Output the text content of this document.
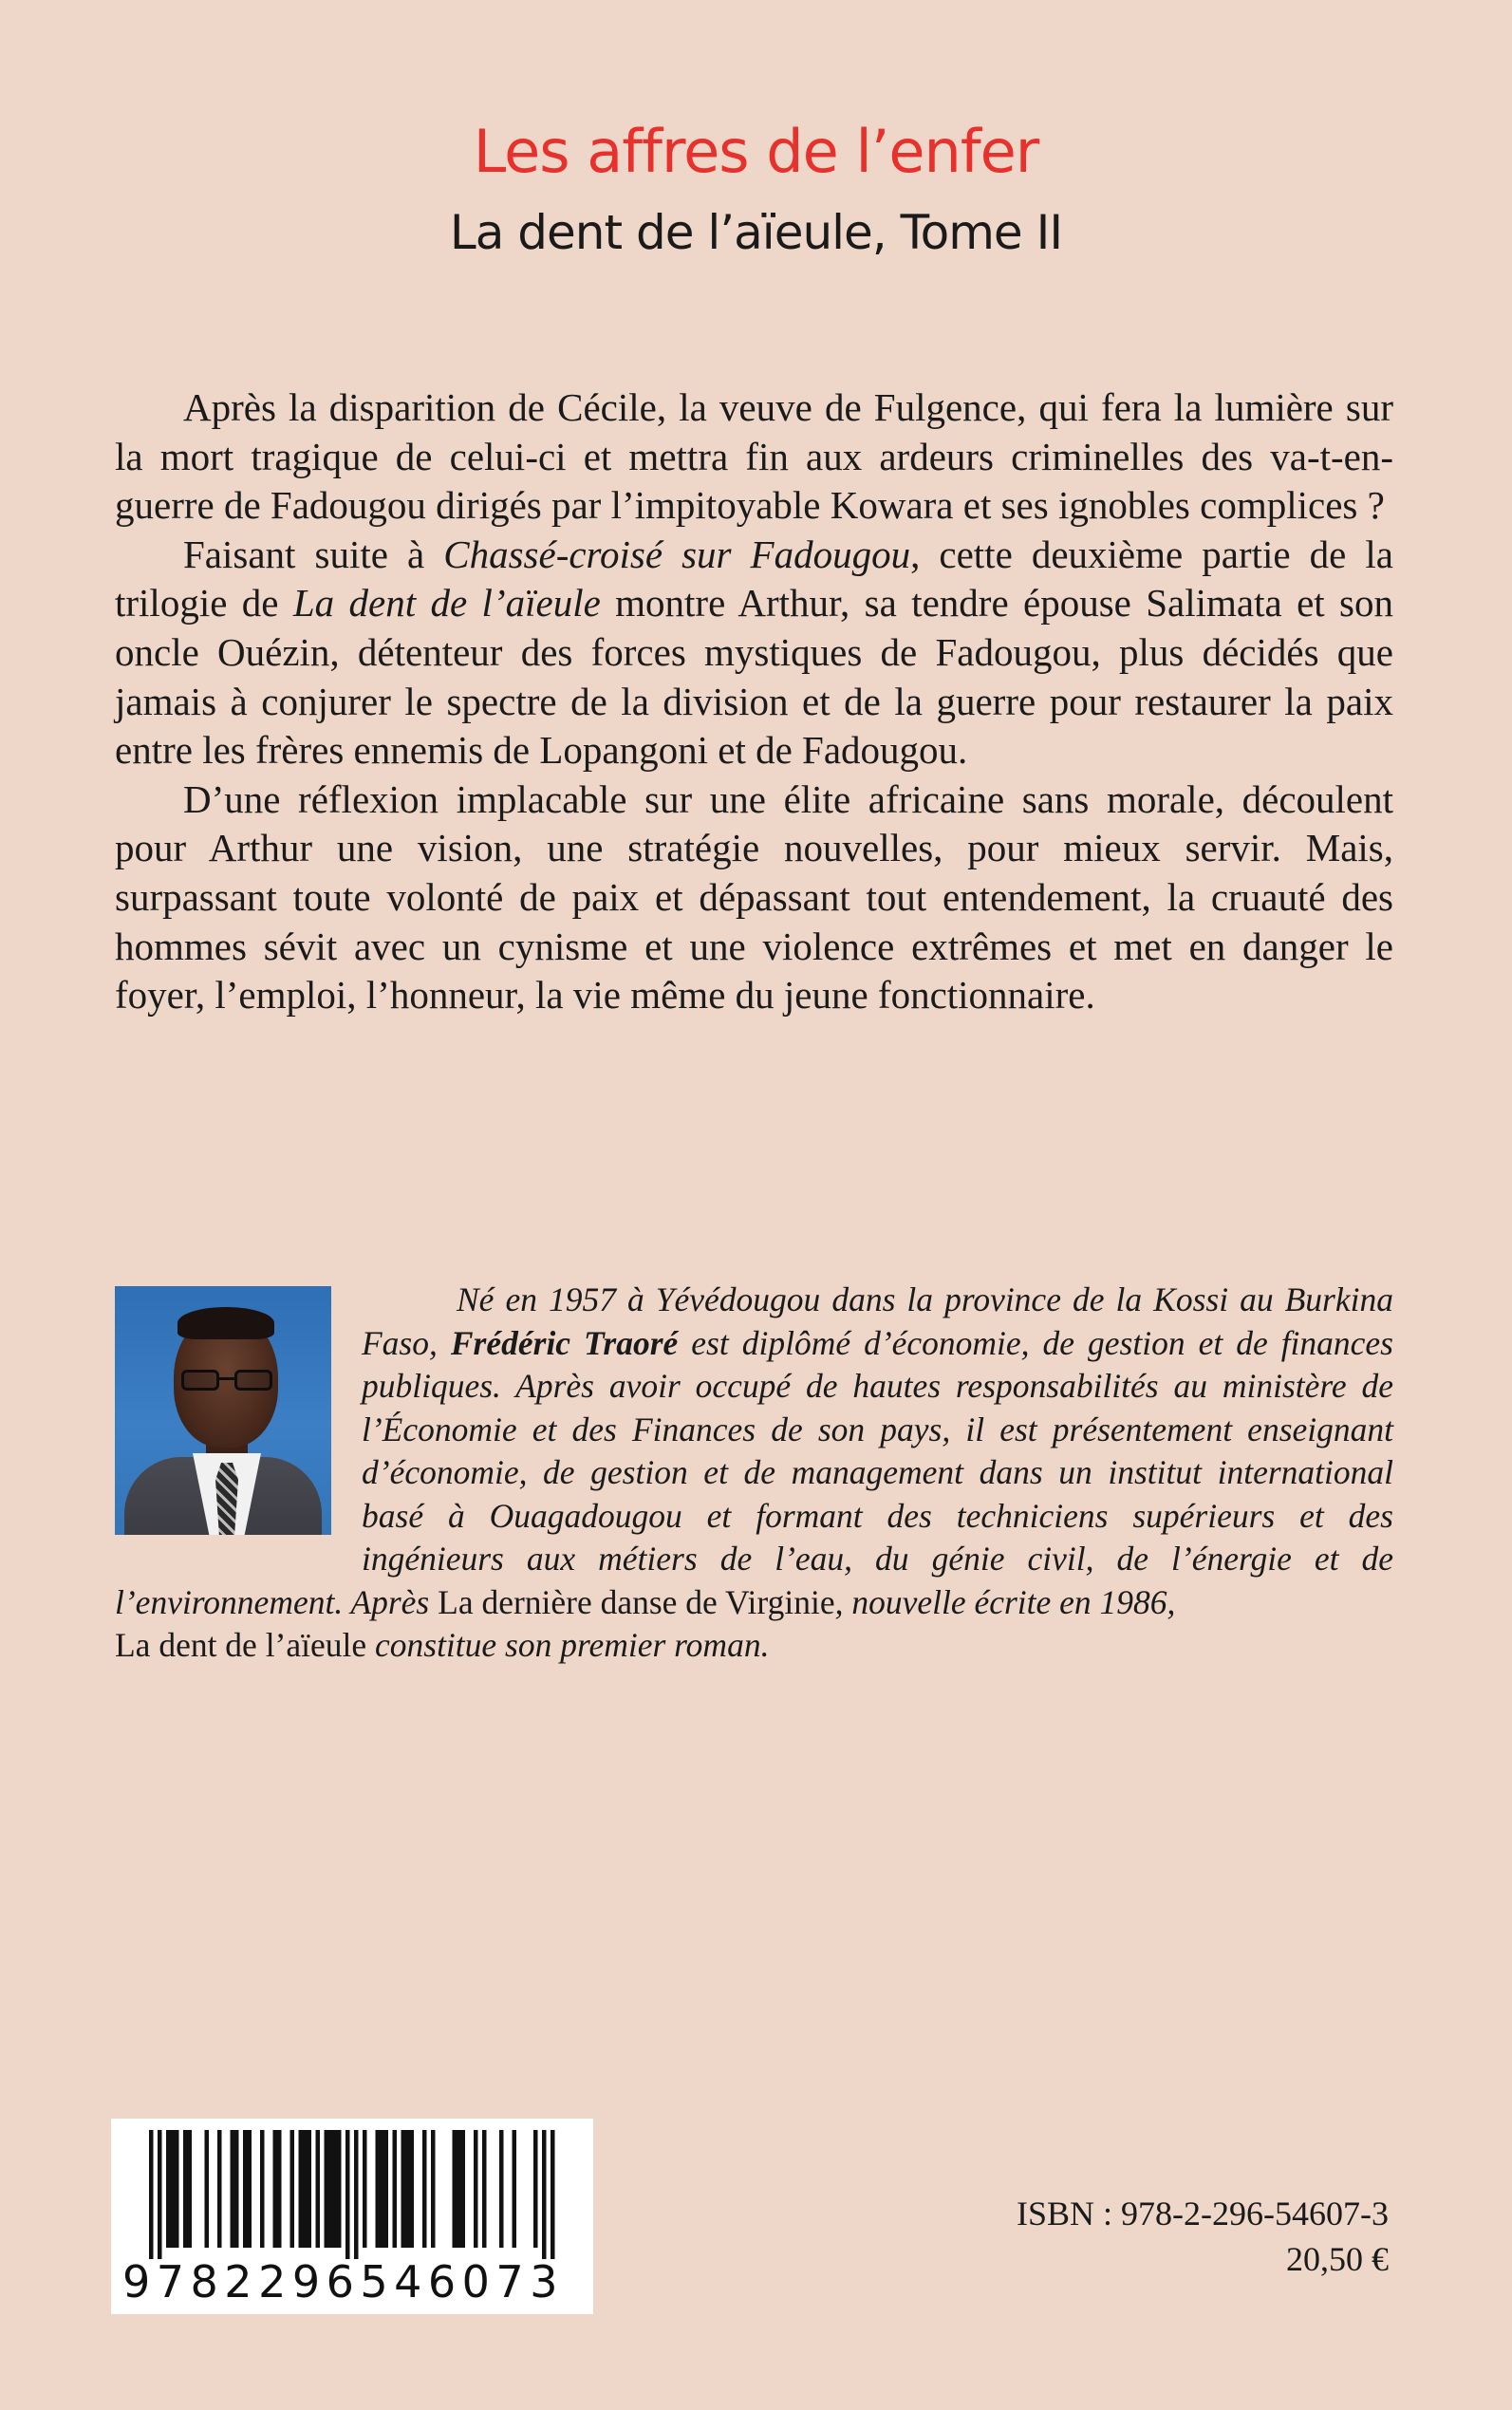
Les affres de l’enfer
La dent de l’aïeule, Tome II

Après la disparition de Cécile, la veuve de Fulgence, qui fera la lumière sur la mort tragique de celui-ci et mettra fin aux ardeurs criminelles des va-t-en-guerre de Fadougou dirigés par l’impitoyable Kowara et ses ignobles complices ?

Faisant suite à Chassé-croisé sur Fadougou, cette deuxième partie de la trilogie de La dent de l’aïeule montre Arthur, sa tendre épouse Salimata et son oncle Ouézin, détenteur des forces mystiques de Fadougou, plus décidés que jamais à conjurer le spectre de la division et de la guerre pour restaurer la paix entre les frères ennemis de Lopangoni et de Fadougou.

D’une réflexion implacable sur une élite africaine sans morale, découlent pour Arthur une vision, une stratégie nouvelles, pour mieux servir. Mais, surpassant toute volonté de paix et dépassant tout entendement, la cruauté des hommes sévit avec un cynisme et une violence extrêmes et met en danger le foyer, l’emploi, l’honneur, la vie même du jeune fonctionnaire.

Né en 1957 à Yévédougou dans la province de la Kossi au Burkina Faso, Frédéric Traoré est diplômé d’économie, de gestion et de finances publiques. Après avoir occupé de hautes responsabilités au ministère de l’Économie et des Finances de son pays, il est présentement enseignant d’économie, de gestion et de management dans un institut international basé à Ouagadougou et formant des techniciens supérieurs et des ingénieurs aux métiers de l’eau, du génie civil, de l’énergie et de l’environnement. Après La dernière danse de Virginie, nouvelle écrite en 1986,
La dent de l’aïeule constitue son premier roman.

9782296546073
ISBN : 978-2-296-54607-3
20,50 €
